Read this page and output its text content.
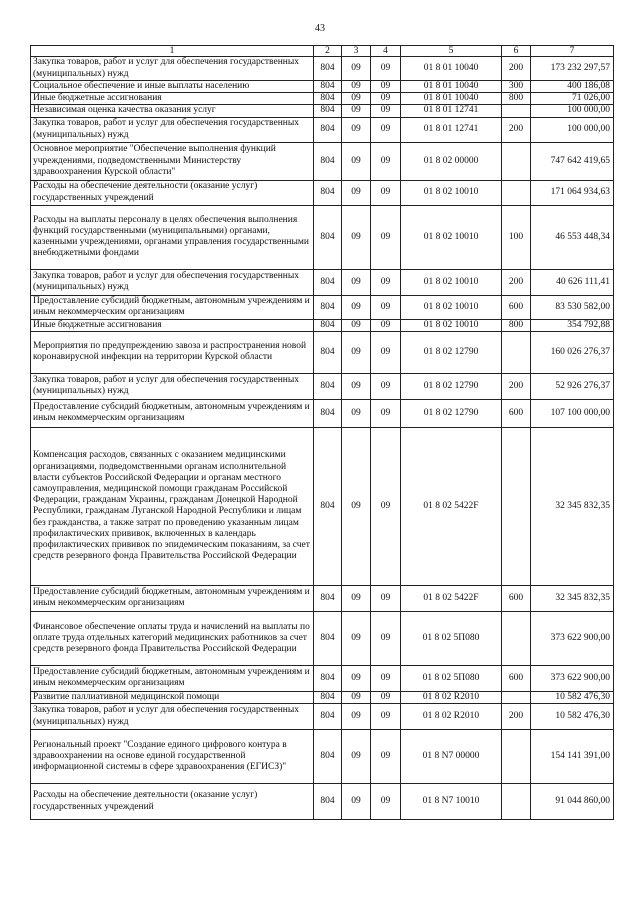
43
1	2	3	4	5	6	7
Закупка товаров, работ и услуг для обеспечения государственных (муниципальных) нужд	804	09	09	01 8 01 10040	200	173 232 297,57
Социальное обеспечение и иные выплаты населению	804	09	09	01 8 01 10040	300	400 186,08
Иные бюджетные ассигнования	804	09	09	01 8 01 10040	800	71 026,00
Независимая оценка качества оказания услуг	804	09	09	01 8 01 12741		100 000,00
Закупка товаров, работ и услуг для обеспечения государственных (муниципальных) нужд	804	09	09	01 8 01 12741	200	100 000,00
Основное мероприятие "Обеспечение выполнения функций учреждениями, подведомственными Министерству здравоохранения Курской области"	804	09	09	01 8 02 00000		747 642 419,65
Расходы на обеспечение деятельности (оказание услуг) государственных учреждений	804	09	09	01 8 02 10010		171 064 934,63
Расходы на выплаты персоналу в целях обеспечения выполнения функций государственными (муниципальными) органами, казенными учреждениями, органами управления государственными внебюджетными фондами	804	09	09	01 8 02 10010	100	46 553 448,34
Закупка товаров, работ и услуг для обеспечения государственных (муниципальных) нужд	804	09	09	01 8 02 10010	200	40 626 111,41
Предоставление субсидий бюджетным, автономным учреждениям и иным некоммерческим организациям	804	09	09	01 8 02 10010	600	83 530 582,00
Иные бюджетные ассигнования	804	09	09	01 8 02 10010	800	354 792,88
Мероприятия по предупреждению завоза и распространения новой коронавирусной инфекции на территории Курской области	804	09	09	01 8 02 12790		160 026 276,37
Закупка товаров, работ и услуг для обеспечения государственных (муниципальных) нужд	804	09	09	01 8 02 12790	200	52 926 276,37
Предоставление субсидий бюджетным, автономным учреждениям и иным некоммерческим организациям	804	09	09	01 8 02 12790	600	107 100 000,00
Компенсация расходов, связанных с оказанием медицинскими организациями, подведомственными органам исполнительной власти субъектов Российской Федерации и органам местного самоуправления, медицинской помощи гражданам Российской Федерации, гражданам Украины, гражданам Донецкой Народной Республики, гражданам Луганской Народной Республики и лицам без гражданства, а также затрат по проведению указанным лицам профилактических прививок, включенных в календарь профилактических прививок по эпидемическим показаниям, за счет средств резервного фонда Правительства Российской Федерации	804	09	09	01 8 02 5422F		32 345 832,35
Предоставление субсидий бюджетным, автономным учреждениям и иным некоммерческим организациям	804	09	09	01 8 02 5422F	600	32 345 832,35
Финансовое обеспечение оплаты труда и начислений на выплаты по оплате труда отдельных категорий медицинских работников за счет средств резервного фонда Правительства Российской Федерации	804	09	09	01 8 02 5П080		373 622 900,00
Предоставление субсидий бюджетным, автономным учреждениям и иным некоммерческим организациям	804	09	09	01 8 02 5П080	600	373 622 900,00
Развитие паллиативной медицинской помощи	804	09	09	01 8 02 R2010		10 582 476,30
Закупка товаров, работ и услуг для обеспечения государственных (муниципальных) нужд	804	09	09	01 8 02 R2010	200	10 582 476,30
Региональный проект "Создание единого цифрового контура в здравоохранении на основе единой государственной информационной системы в сфере здравоохранения (ЕГИСЗ)"	804	09	09	01 8 N7 00000		154 141 391,00
Расходы на обеспечение деятельности (оказание услуг) государственных учреждений	804	09	09	01 8 N7 10010		91 044 860,00
